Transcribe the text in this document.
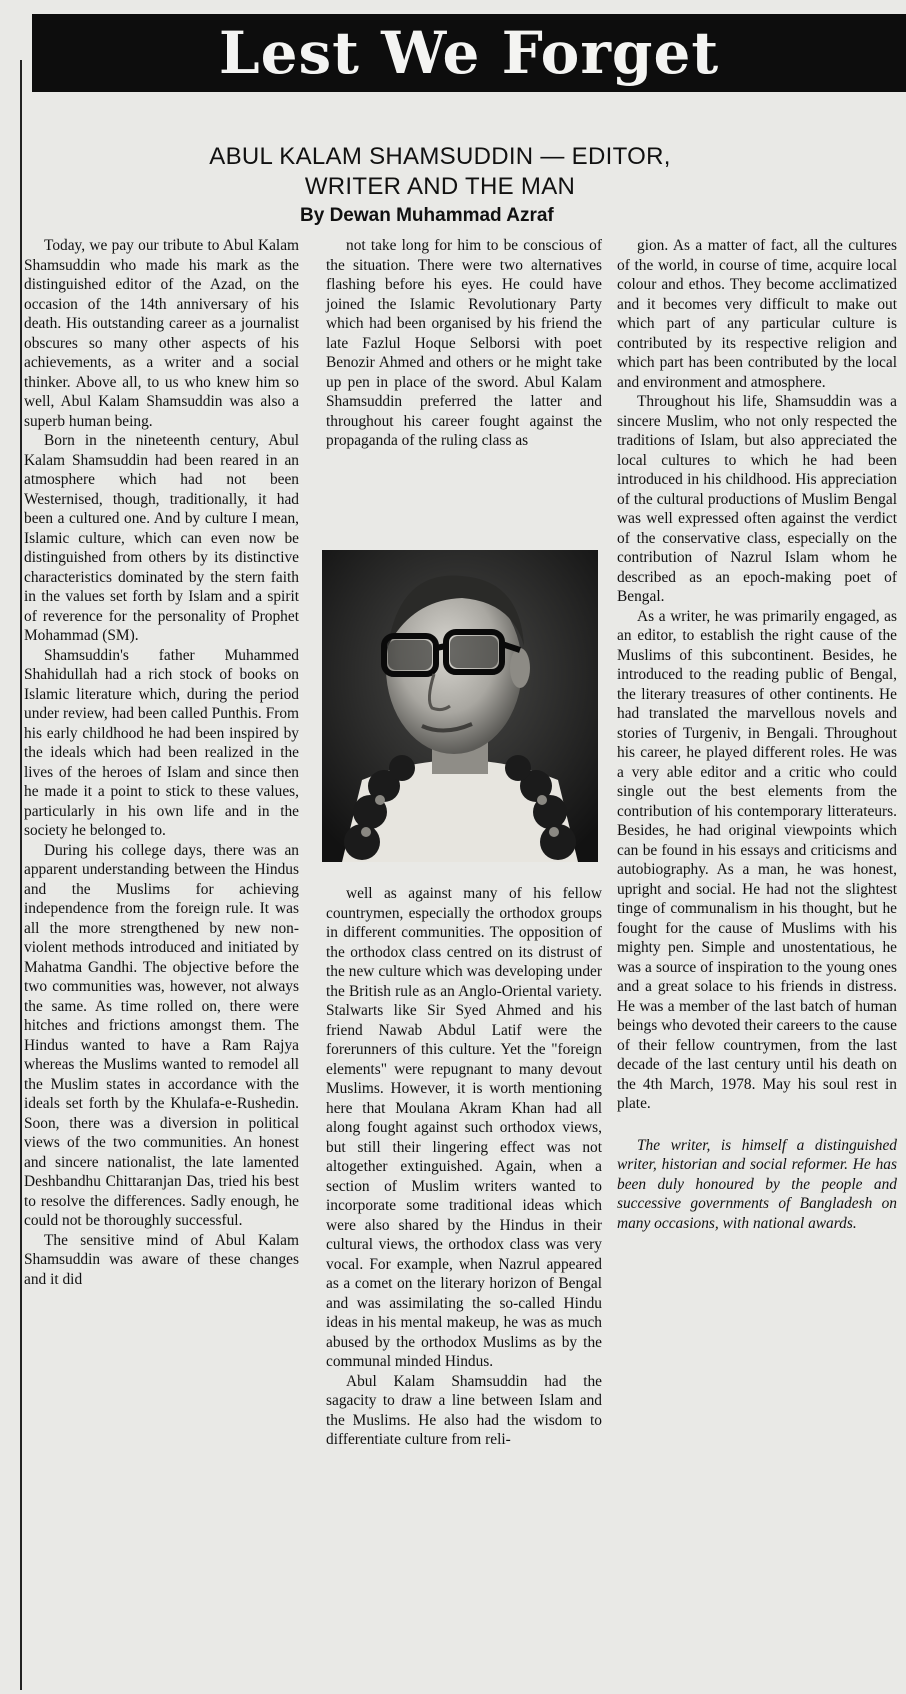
Lest We Forget
ABUL KALAM SHAMSUDDIN — EDITOR,
WRITER AND THE MAN
By Dewan Muhammad Azraf

Today, we pay our tribute to Abul Kalam Shamsuddin who made his mark as the distinguished editor of the Azad, on the occasion of the 14th anniversary of his death. His outstanding career as a journalist obscures so many other aspects of his achievements, as a writer and a social thinker. Above all, to us who knew him so well, Abul Kalam Shamsuddin was also a superb human being.

Born in the nineteenth century, Abul Kalam Shamsuddin had been reared in an atmosphere which had not been Westernised, though, traditionally, it had been a cultured one. And by culture I mean, Islamic culture, which can even now be distinguished from others by its distinctive characteristics dominated by the stern faith in the values set forth by Islam and a spirit of reverence for the personality of Prophet Mohammad (SM).

Shamsuddin's father Muhammed Shahidullah had a rich stock of books on Islamic literature which, during the period under review, had been called Punthis. From his early childhood he had been inspired by the ideals which had been realized in the lives of the heroes of Islam and since then he made it a point to stick to these values, particularly in his own life and in the society he belonged to.

During his college days, there was an apparent understanding between the Hindus and the Muslims for achieving independence from the foreign rule. It was all the more strengthened by new non-violent methods introduced and initiated by Mahatma Gandhi. The objective before the two communities was, however, not always the same. As time rolled on, there were hitches and frictions amongst them. The Hindus wanted to have a Ram Rajya whereas the Muslims wanted to remodel all the Muslim states in accordance with the ideals set forth by the Khulafa-e-Rushedin. Soon, there was a diversion in political views of the two communities. An honest and sincere nationalist, the late lamented Deshbandhu Chittaranjan Das, tried his best to resolve the differences. Sadly enough, he could not be thoroughly successful.

The sensitive mind of Abul Kalam Shamsuddin was aware of these changes and it did

not take long for him to be conscious of the situation. There were two alternatives flashing before his eyes. He could have joined the Islamic Revolutionary Party which had been organised by his friend the late Fazlul Hoque Selborsi with poet Benozir Ahmed and others or he might take up pen in place of the sword. Abul Kalam Shamsuddin preferred the latter and throughout his career fought against the propaganda of the ruling class as

well as against many of his fellow countrymen, especially the orthodox groups in different communities. The opposition of the orthodox class centred on its distrust of the new culture which was developing under the British rule as an Anglo-Oriental variety. Stalwarts like Sir Syed Ahmed and his friend Nawab Abdul Latif were the forerunners of this culture. Yet the "foreign elements" were repugnant to many devout Muslims. However, it is worth mentioning here that Moulana Akram Khan had all along fought against such orthodox views, but still their lingering effect was not altogether extinguished. Again, when a section of Muslim writers wanted to incorporate some traditional ideas which were also shared by the Hindus in their cultural views, the orthodox class was very vocal. For example, when Nazrul appeared as a comet on the literary horizon of Bengal and was assimilating the so-called Hindu ideas in his mental makeup, he was as much abused by the orthodox Muslims as by the communal minded Hindus.

Abul Kalam Shamsuddin had the sagacity to draw a line between Islam and the Muslims. He also had the wisdom to differentiate culture from reli-

gion. As a matter of fact, all the cultures of the world, in course of time, acquire local colour and ethos. They become acclimatized and it becomes very difficult to make out which part of any particular culture is contributed by its respective religion and which part has been contributed by the local and environment and atmosphere.

Throughout his life, Shamsuddin was a sincere Muslim, who not only respected the traditions of Islam, but also appreciated the local cultures to which he had been introduced in his childhood. His appreciation of the cultural productions of Muslim Bengal was well expressed often against the verdict of the conservative class, especially on the contribution of Nazrul Islam whom he described as an epoch-making poet of Bengal.

As a writer, he was primarily engaged, as an editor, to establish the right cause of the Muslims of this subcontinent. Besides, he introduced to the reading public of Bengal, the literary treasures of other continents. He had translated the marvellous novels and stories of Turgeniv, in Bengali. Throughout his career, he played different roles. He was a very able editor and a critic who could single out the best elements from the contribution of his contemporary litterateurs. Besides, he had original viewpoints which can be found in his essays and criticisms and autobiography. As a man, he was honest, upright and social. He had not the slightest tinge of communalism in his thought, but he fought for the cause of Muslims with his mighty pen. Simple and unostentatious, he was a source of inspiration to the young ones and a great solace to his friends in distress. He was a member of the last batch of human beings who devoted their careers to the cause of their fellow countrymen, from the last decade of the last century until his death on the 4th March, 1978. May his soul rest in plate.

The writer, is himself a distinguished writer, historian and social reformer. He has been duly honoured by the people and successive governments of Bangladesh on many occasions, with national awards.
